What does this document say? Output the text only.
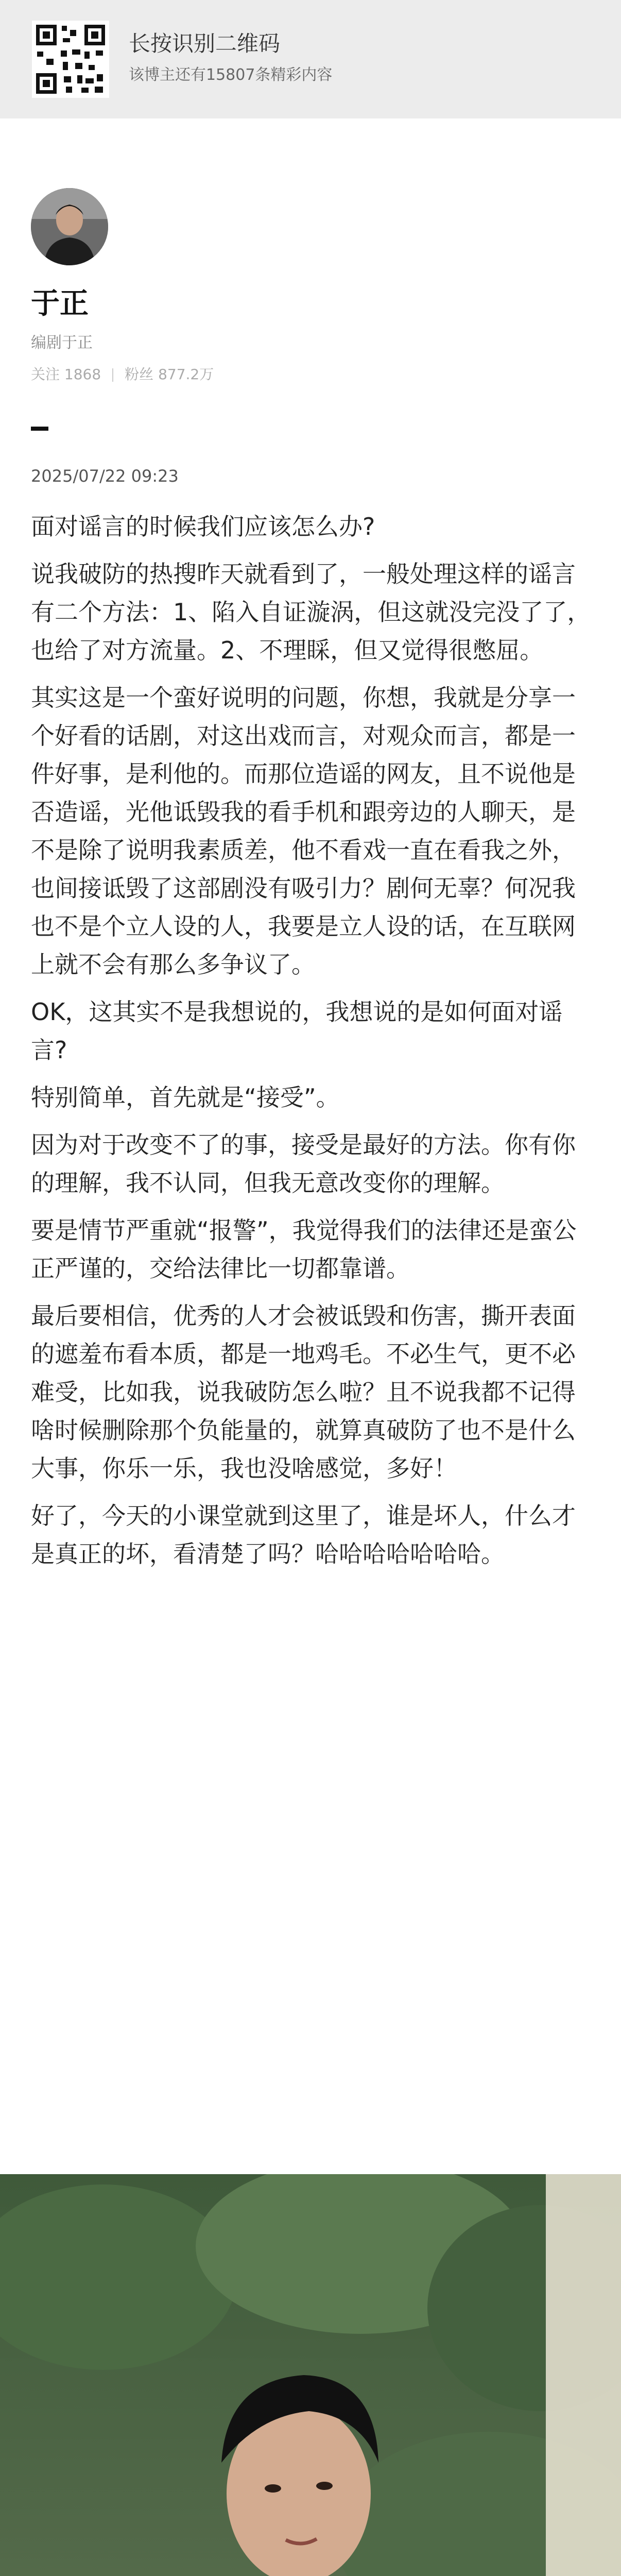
长按识别二维码
该博主还有15807条精彩内容
于正
编剧于正
关注 1868 粉丝 877.2万
2025/07/22 09:23

面对谣言的时候我们应该怎么办?

说我破防的热搜昨天就看到了，一般处理这样的谣言有二个方法：1、陷入自证漩涡，但这就没完没了了，也给了对方流量。2、不理睬，但又觉得很憋屈。

其实这是一个蛮好说明的问题，你想，我就是分享一个好看的话剧，对这出戏而言，对观众而言，都是一件好事，是利他的。而那位造谣的网友，且不说他是否造谣，光他诋毁我的看手机和跟旁边的人聊天，是不是除了说明我素质差，他不看戏一直在看我之外，也间接诋毁了这部剧没有吸引力？剧何无辜？何况我也不是个立人设的人，我要是立人设的话，在互联网上就不会有那么多争议了。

OK，这其实不是我想说的，我想说的是如何面对谣言?

特别简单，首先就是“接受”。

因为对于改变不了的事，接受是最好的方法。你有你的理解，我不认同，但我无意改变你的理解。

要是情节严重就“报警”，我觉得我们的法律还是蛮公正严谨的，交给法律比一切都靠谱。

最后要相信，优秀的人才会被诋毁和伤害，撕开表面的遮羞布看本质，都是一地鸡毛。不必生气，更不必难受，比如我，说我破防怎么啦？且不说我都不记得啥时候删除那个负能量的，就算真破防了也不是什么大事，你乐一乐，我也没啥感觉，多好！

好了，今天的小课堂就到这里了，谁是坏人，什么才是真正的坏，看清楚了吗？哈哈哈哈哈哈哈。
